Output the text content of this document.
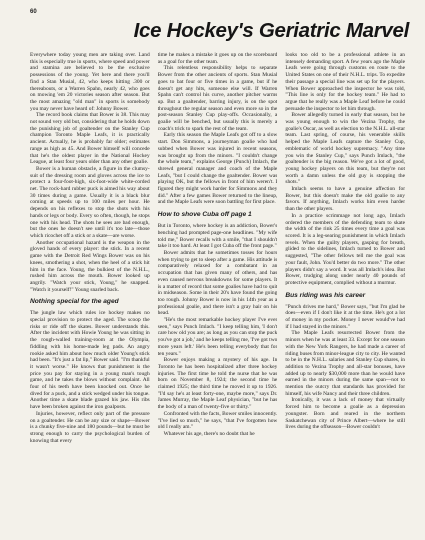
60
Ice Hockey's Geriatric Marvel

Everywhere today young men are taking over. Land this is especially true in sports, where speed and power and stamina are believed to be the exclusive possessions of the young. Yet here and there you'll find a Stan Musial, 42, who keeps hitting .300 or thereabouts, or a Warren Spahn, nearly 42, who goes on mowing 'em 20 victories season after season. But the most amazing "old man" in sports is somebody you may never have heard of: Johnny Bower.

The record book claims that Bower is 38. This may not sound very old but, considering that he holds down the punishing job of goaltender on the Stanley Cup champion Toronto Maple Leafs, it is practically ancient. Actually, he is probably far older; estimates range as high as 45. And Bower himself will concede that he's the oldest player in the National Hockey League, at least four years older than any other goalie.

Bower is a human obstacle, a figure in the clumsy-suit of the dressing room and gloves across the ice to protect a four-foot-high, six-foot-wide white-corded net. The rock-hard rubber puck is aimed his way about 30 times during a game. Usually it is a black blur coming at speeds up to 100 miles per hour. He depends on his reflexes to stop the shots with his hands or legs or body. Every so often, though, he stops one with his head. The shots he sees are bad enough, but the ones he doesn't see until it's too late—those which ricochet off a stick or a skate—are worse.

Another occupational hazard is the weapon in the gloved hands of every player: the stick. In a recent game with the Detroit Red Wings Bower was on his knees, smothering a shot, when the heel of a stick hit him in the face. Young, the bulkiest of the N.H.L., rushed him across the mouth. Bower looked up angrily. "Watch your stick, Young," he snapped. "Watch it yourself!" Young snarled back.

Nothing special for the aged

The jungle law which rules ice hockey makes no special provision to protect the aged. The scoop the risks or ride off the skates. Bower understands this. After the incident with Howie Young he was sitting in the rough-walled training-room at the Olympia, fiddling with his home-made leg pads. An angry rookie asked him about how much older Young's stick had been. "It's just a fat lip," Bower said. "I'm thankful it wasn't worse." He knows that punishment is the price you pay for staying in a young man's tough game, and he takes the blows without complaint. All four of his teeth have been knocked out. Once he dived for a puck, and a stick wedged under his tongue. Another time a skate blade grazed his jaw. His ribs have been broken against the iron goalposts.

Injuries, however, reflect only part of the pressure on a goaltender. He can be any size or shape—Bower is a chunky five-nine and 180 pounds—but he must be strong enough to carry the psychological burden of knowing that every

time he makes a mistake it goes up on the scoreboard as a goal for the other team.

This relentless responsibility helps to separate Bower from the other ancients of sports. Stan Musial goes to bat four or five times in a game, but if he doesn't get any hits, someone else will. If Warren Spahn can't control his curve, another pitcher warms up. But a goaltender, barring injury, is on the spot throughout the regular season and even more so in the post-season Stanley Cup play-offs. Occasionally, a goalie will be benched, but usually this is merely a coach's trick to spark the rest of the team.

Early this season the Maple Leafs got off to a slow start. Don Simmons, a journeyman goalie who had subbed when Bower was injured in recent seasons, was brought up from the minors. "I couldn't change the whole team," explains George (Punch) Imlach, the shrewd general manager and coach of the Maple Leafs, "but I could change the goaltender. Bower was playing OK, but the fellows in front of him weren't. I figured they might work harder for Simmons and they did." After a few games Bower returned to the lineup, and the Maple Leafs were soon battling for first place.

How to shove Cuba off page 1

But in Toronto, where hockey is an addiction, Bower's benching had prompted page-one headlines. "My wife told me," Bower recalls with a smile, "that I shouldn't take it too hard. At least I got Cuba off the front page."

Bower admits that he sometimes tosses for hours when trying to get to sleep after a game. His attitude is comparatively relaxed for a combatant in an occupation that has given many of others, and has even caused nervous breakdowns for some players. It is a matter of record that some goalies have had to quit in midseason. Some in their 20's have found the going too rough. Johnny Bower is now in his 14th year as a professional goalie, and there isn't a gray hair on his head.

"He's the most remarkable hockey player I've ever seen," says Punch Imlach. "I keep telling him, 'I don't care how old you are; as long as you can stop the puck you've got a job,' and he keeps telling me, 'I've got two more years left.' He's been telling everybody that for ten years."

Bower enjoys making a mystery of his age. In Toronto he has been hospitalized after three hockey injuries. The first time he told the nurse that he was born on November 8, 1924; the second time he claimed 1925; the third time he moved it up to 1926. "I'd say he's at least forty-one, maybe more," says Dr. James Murray, the Maple Leaf physician, "but he has the body of a man of twenty-five or thirty."

Confronted with the facts, Bower smiles innocently. "I've lied so much," he says, "that I've forgotten how old I really am."

Whatever his age, there's no doubt that he

looks too old to be a professional athlete in an intensely demanding sport. A few years ago the Maple Leafs were going through customs en route to the United States on one of their N.H.L. trips. To expedite their passage a special line was set up for the players. When Bower approached the inspector he was told, "This line is only for the hockey team." He had to argue that he really was a Maple Leaf before he could persuade the inspector to let him through.

Bower allegedly turned in early that season, but he was young enough to win the Vezina Trophy, the goalie's Oscar, as well as election to the N.H.L. all-star team. Last spring, of course, his venerable skills helped the Maple Leafs capture the Stanley Cup, emblematic of world hockey supremacy. "Any time you win the Stanley Cup," says Punch Imlach, "the goaltender is the big reason. We've got a lot of good, young hockey players on this team, but they're not worth a damn unless the old guy is stopping the shots."

Imlach seems to have a genuine affection for Bower, but this doesn't make the old goalie to any favors. If anything, Imlach works him even harder than the other players.

In a practice scrimmage not long ago, Imlach ordered the members of the defending team to skate the width of the rink 25 times every time a goal was scored. It is a leg-searing punishment in which Imlach revels. When the guilty players, gasping for breath, glided to the sidelines, Imlach turned to Bower and suggested, "The other fellows tell me the goal was your fault, John. You'd better do two more." The other players didn't say a word. It was all Imlach's idea. But Bower, trudging along under nearly 40 pounds of protective equipment, complied without a murmur.

Bus riding was his career

"Punch drives me hard," Bower says, "but I'm glad he does—even if I don't like it at the time. He's got a lot of money in my pocket. Money I never would've had if I had stayed in the minors."

The Maple Leafs resurrected Bower from the minors when he was at least 33. Except for one season with the New York Rangers, he had made a career of riding buses from minor-league city to city. He wanted to be in the N.H.L. salaries and Stanley Cup shares, in addition to Vezina Trophy and all-star bonuses, have added up to nearly $30,000 more than he would have earned in the minors during the same span—not to mention the outcry that standards has provided for himself, his wife Nancy and their three children.

Ironically, it was a lack of money that virtually forced him to become a goalie as a depression youngster. Born and reared in the northern Saskatchewan city of Prince Albert—where he still lives during the offseason—Bower couldn't
